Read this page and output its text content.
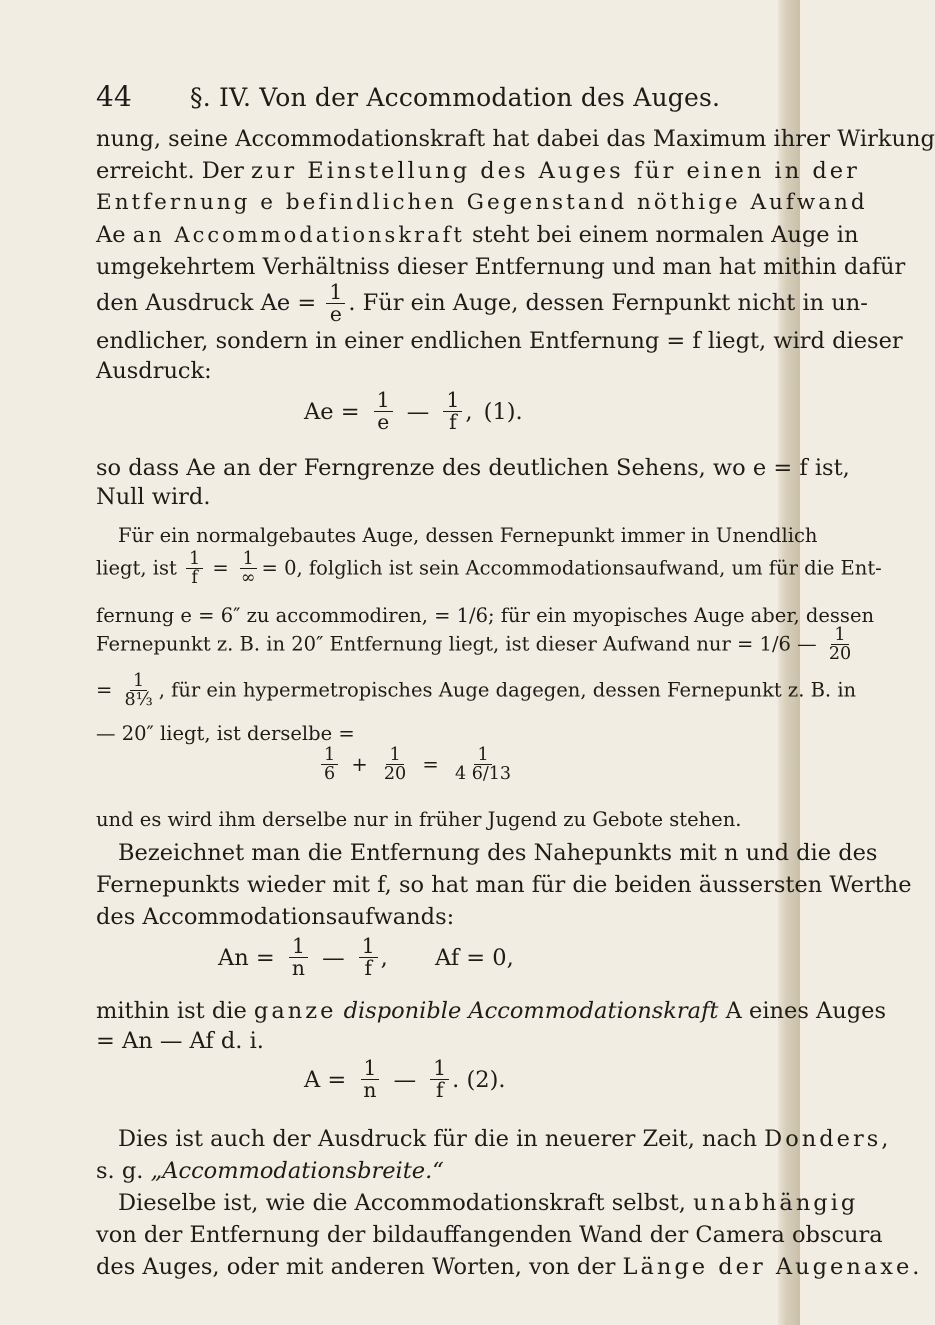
44 §. IV. Von der Accommodation des Auges.
nung, seine Accommodationskraft hat dabei das Maximum ihrer Wirkung
erreicht. Der zur Einstellung des Auges für einen in der
Entfernung e befindlichen Gegenstand nöthige Aufwand
Ae an Accommodationskraft steht bei einem normalen Auge in
umgekehrtem Verhältniss dieser Entfernung und man hat mithin dafür
den Ausdruck $Ae = \frac{1}{e}$ . Für ein Auge, dessen Fernpunkt nicht in un-
endlicher, sondern in einer endlichen Entfernung = f liegt, wird dieser
Ausdruck:
$Ae = \frac{1}{e}$ — $\frac{1}{f}$ , (1).
so dass Ae an der Ferngrenze des deutlichen Sehens, wo e = f ist,
Null wird.
Für ein normalgebautes Auge, dessen Fernepunkt immer in Unendlich
liegt, ist $\frac{1}{f} = \frac{1}{\infty} = 0$, folglich ist sein Accommodationsaufwand, um für die Ent-
fernung e = 6″ zu accommodiren, = 1/6; für ein myopisches Auge aber, dessen
Fernepunkt z. B. in 20″ Entfernung liegt, ist dieser Aufwand nur = 1/6 — $\frac{1}{20}$
= $\frac{1}{\text{8⅓}}$ , für ein hypermetropisches Auge dagegen, dessen Fernepunkt z. B. in
— 20″ liegt, ist derselbe =
$\frac{1}{6} + \frac{1}{20} = \frac{1}{4 6/13}$
und es wird ihm derselbe nur in früher Jugend zu Gebote stehen.
Bezeichnet man die Entfernung des Nahepunkts mit n und die des
Fernepunkts wieder mit f, so hat man für die beiden äussersten Werthe
des Accommodationsaufwands:
$An = \frac{1}{n}$ — $\frac{1}{f}$ , Af = 0,
mithin ist die ganze disponible Accommodationskraft A eines Auges
= An — Af d. i.
$A = \frac{1}{n}$ — $\frac{1}{f}$ . (2).
Dies ist auch der Ausdruck für die in neuerer Zeit, nach Donders,
s. g. „Accommodationsbreite.“
Dieselbe ist, wie die Accommodationskraft selbst, unabhängig
von der Entfernung der bildauffangenden Wand der Camera obscura
des Auges, oder mit anderen Worten, von der Länge der Augenaxe.
